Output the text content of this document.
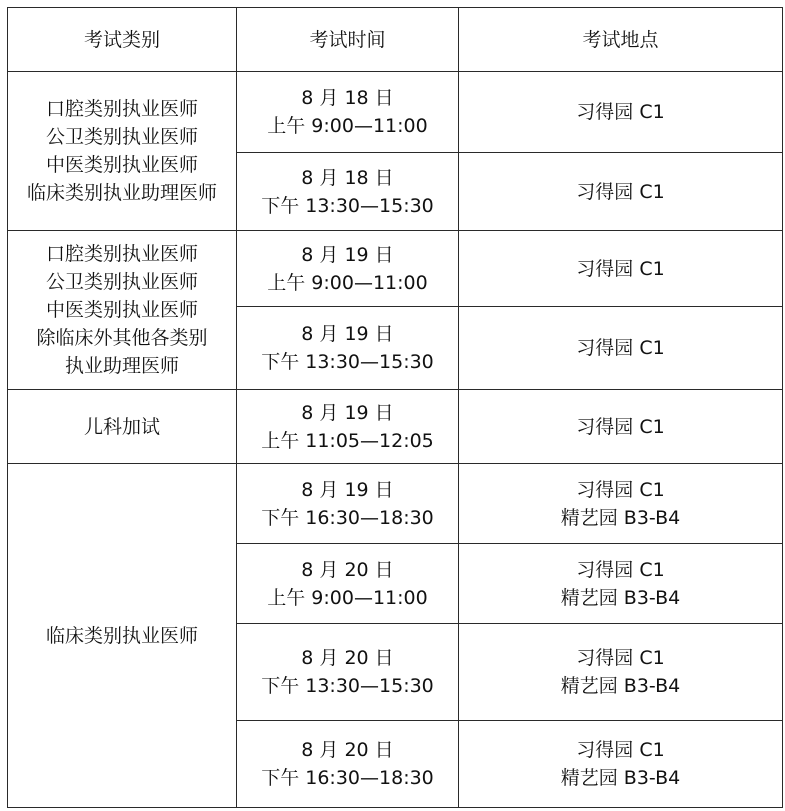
考试类别	考试时间	考试地点

口腔类别执业医师
公卫类别执业医师
中医类别执业医师
临床类别执业助理医师	8 月 18 日
上午 9:00—11:00	习得园 C1

	8 月 18 日
下午 13:30—15:30	习得园 C1

口腔类别执业医师
公卫类别执业医师
中医类别执业医师
除临床外其他各类别
执业助理医师	8 月 19 日
上午 9:00—11:00	习得园 C1

	8 月 19 日
下午 13:30—15:30	习得园 C1

儿科加试	8 月 19 日
上午 11:05—12:05	习得园 C1

临床类别执业医师	8 月 19 日
下午 16:30—18:30	习得园 C1
精艺园 B3-B4

	8 月 20 日
上午 9:00—11:00	习得园 C1
精艺园 B3-B4

	8 月 20 日
下午 13:30—15:30	习得园 C1
精艺园 B3-B4

	8 月 20 日
下午 16:30—18:30	习得园 C1
精艺园 B3-B4
